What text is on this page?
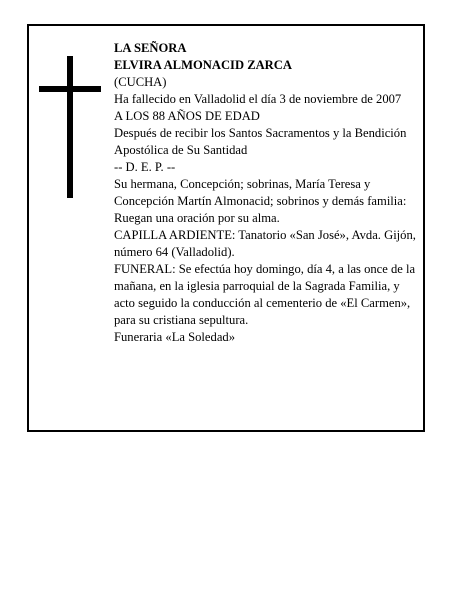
LA SEÑORA

ELVIRA ALMONACID ZARCA

(CUCHA)

Ha fallecido en Valladolid el día 3 de noviembre de 2007

A LOS 88 AÑOS DE EDAD

Después de recibir los Santos Sacramentos y la Bendición Apostólica de Su Santidad

-- D. E. P. --

Su hermana, Concepción; sobrinas, María Teresa y Concepción Martín Almonacid; sobrinos y demás familia:

Ruegan una oración por su alma.

CAPILLA ARDIENTE: Tanatorio «San José», Avda. Gijón, número 64 (Valladolid).

FUNERAL: Se efectúa hoy domingo, día 4, a las once de la mañana, en la iglesia parroquial de la Sagrada Familia, y acto seguido la conducción al cementerio de «El Carmen», para su cristiana sepultura.

Funeraria «La Soledad»
